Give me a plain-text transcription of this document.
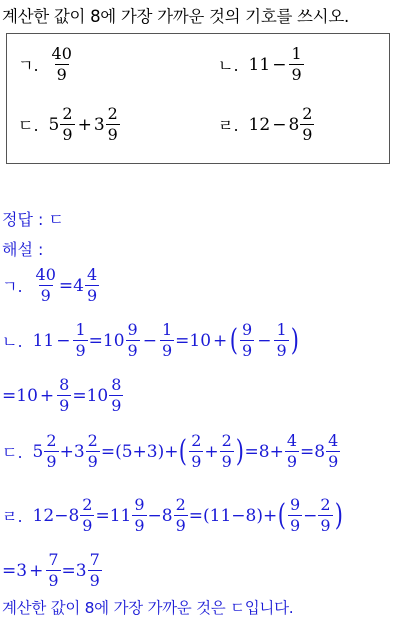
계산한 값이 8에 가장 가까운 것의 기호를 쓰시오.
ㄱ. $\frac{40}{9}$	ㄴ. $11 - \frac{1}{9}$
ㄷ. $5 \frac{2}{9} + 3 \frac{2}{9}$	ㄹ. $12 - 8 \frac{2}{9}$
정답 : ㄷ
해설 :
ㄱ. $\frac{40}{9} = 4 \frac{4}{9}$
ㄴ. $11 - \frac{1}{9} = 10 \frac{9}{9} - \frac{1}{9} = 10$ + ( $\frac{9}{9} - \frac{1}{9}$ )
= $10 + \frac{8}{9} = 10 \frac{8}{9}$
ㄷ. $5 \frac{2}{9} + 3 \frac{2}{9} = (5+3)$ + ( $\frac{2}{9} + \frac{2}{9}$ ) = $8 + \frac{4}{9} = 8 \frac{4}{9}$
ㄹ. $12 - 8 \frac{2}{9} = 11 \frac{9}{9} - 8 \frac{2}{9} = (11-8)$ + ( $\frac{9}{9} - \frac{2}{9}$ )
= $3 + \frac{7}{9} = 3 \frac{7}{9}$
계산한 값이 8에 가장 가까운 것은 ㄷ입니다.
